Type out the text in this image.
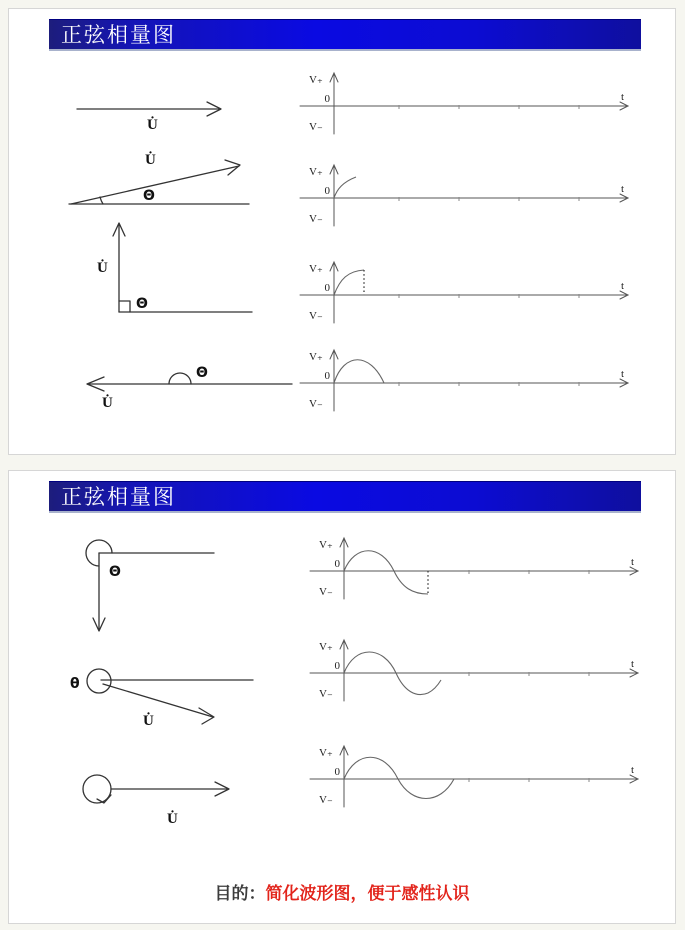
正弦相量图
U̇
V₊
0
V₋
t
Θ
U̇
V₊
0
V₋
t
Θ
U̇	V₊
0
V₋
t
Θ
U̇
V₊
0
V₋
t
正弦相量图
Θ
V₊
0
V₋
t
θ
U̇
V₊
0
V₋
t
U̇
V₊
0
V₋
t
目的：简化波形图，便于感性认识
